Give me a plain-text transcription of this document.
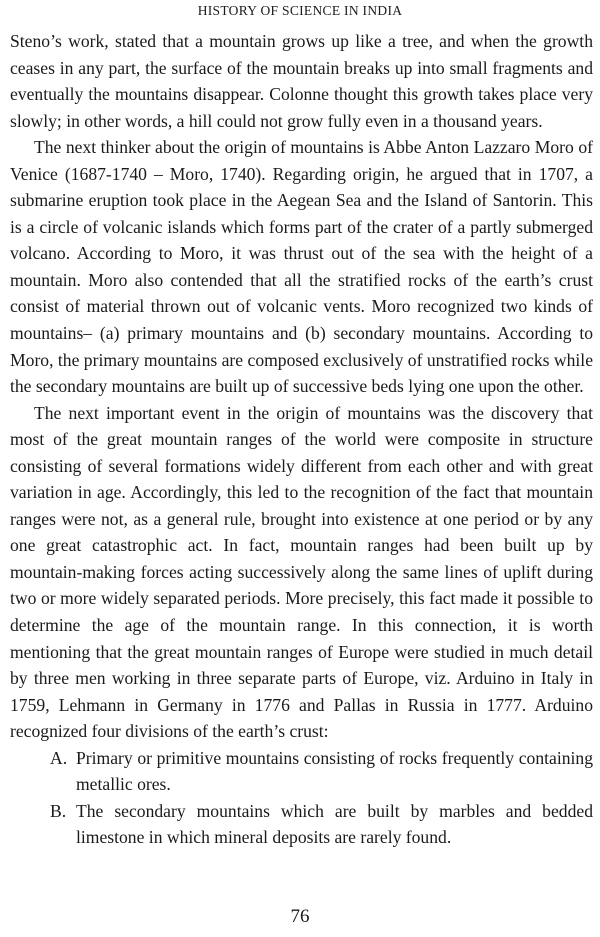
HISTORY OF SCIENCE IN INDIA

Steno’s work, stated that a mountain grows up like a tree, and when the growth ceases in any part, the surface of the mountain breaks up into small fragments and eventually the mountains disappear. Colonne thought this growth takes place very slowly; in other words, a hill could not grow fully even in a thousand years.

The next thinker about the origin of mountains is Abbe Anton Lazzaro Moro of Venice (1687-1740 – Moro, 1740). Regarding origin, he argued that in 1707, a submarine eruption took place in the Aegean Sea and the Island of Santorin. This is a circle of volcanic islands which forms part of the crater of a partly submerged volcano. According to Moro, it was thrust out of the sea with the height of a mountain. Moro also contended that all the stratified rocks of the earth’s crust consist of material thrown out of volcanic vents. Moro recognized two kinds of mountains– (a) primary mountains and (b) secondary mountains. According to Moro, the primary mountains are composed exclusively of unstratified rocks while the secondary mountains are built up of successive beds lying one upon the other.

The next important event in the origin of mountains was the discovery that most of the great mountain ranges of the world were composite in structure consisting of several formations widely different from each other and with great variation in age. Accordingly, this led to the recognition of the fact that mountain ranges were not, as a general rule, brought into existence at one period or by any one great catastrophic act. In fact, mountain ranges had been built up by mountain-making forces acting successively along the same lines of uplift during two or more widely separated periods. More precisely, this fact made it possible to determine the age of the mountain range. In this connection, it is worth mentioning that the great mountain ranges of Europe were studied in much detail by three men working in three separate parts of Europe, viz. Arduino in Italy in 1759, Lehmann in Germany in 1776 and Pallas in Russia in 1777. Arduino recognized four divisions of the earth’s crust:

A. Primary or primitive mountains consisting of rocks frequently containing metallic ores.
B. The secondary mountains which are built by marbles and bedded limestone in which mineral deposits are rarely found.
76
